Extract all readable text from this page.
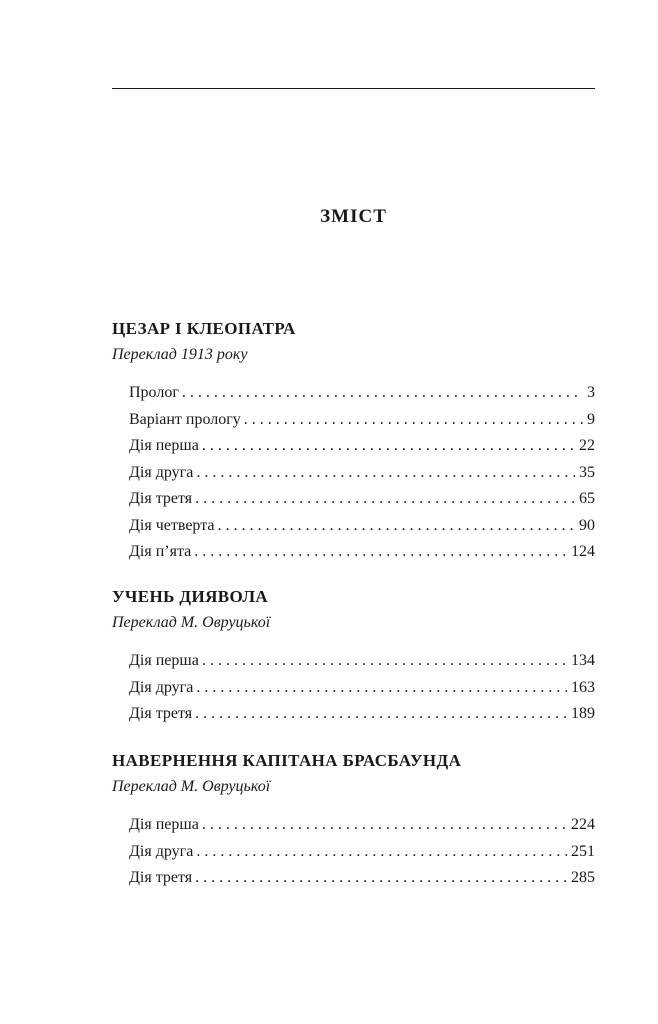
ЗМІСТ
ЦЕЗАР І КЛЕОПАТРА
Переклад 1913 року
Пролог . . .	3
Варіант прологу . . .	9
Дія перша . . .	22
Дія друга . . .	35
Дія третя . . .	65
Дія четверта . . .	90
Дія п’ята . . .	124
УЧЕНЬ ДИЯВОЛА
Переклад М. Овруцької
Дія перша . . .	134
Дія друга . . .	163
Дія третя . . .	189
НАВЕРНЕННЯ КАПІТАНА БРАСБАУНДА
Переклад М. Овруцької
Дія перша . . .	224
Дія друга . . .	251
Дія третя . . .	285
